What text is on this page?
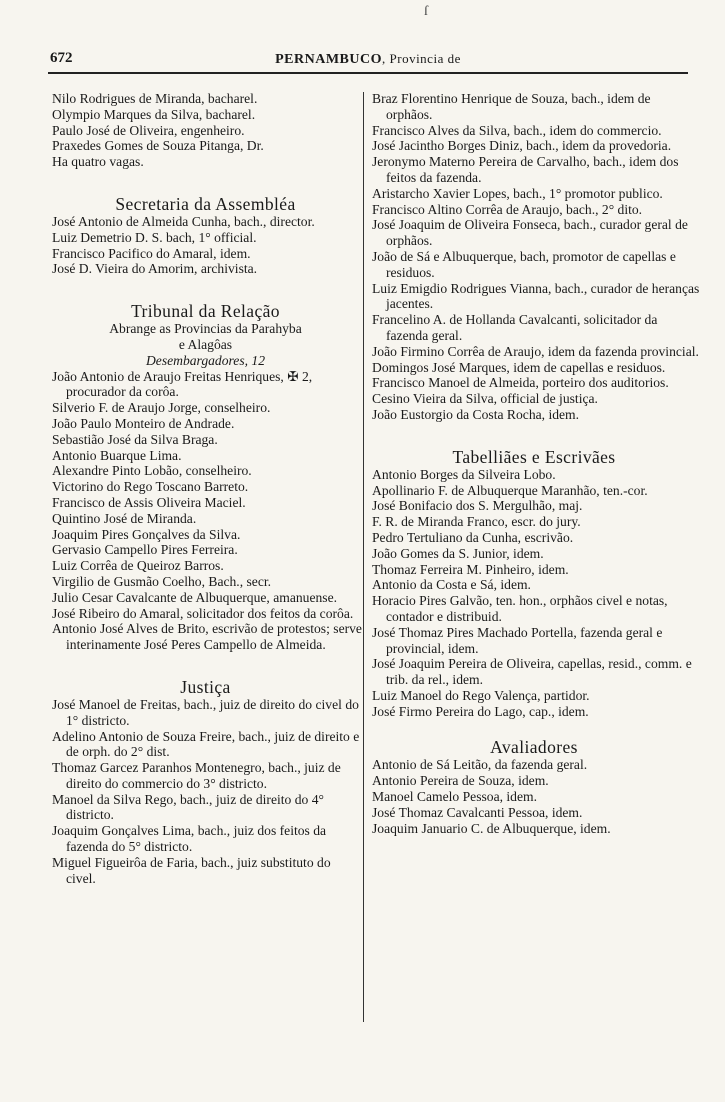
ſ
672	PERNAMBUCO, Provincia de

Nilo Rodrigues de Miranda, bacharel.

Olympio Marques da Silva, bacharel.

Paulo José de Oliveira, engenheiro.

Praxedes Gomes de Souza Pitanga, Dr.

Ha quatro vagas.

Secretaria da Assembléa

José Antonio de Almeida Cunha, bach., director.

Luiz Demetrio D. S. bach, 1° official.

Francisco Pacifico do Amaral, idem.

José D. Vieira do Amorim, archivista.

Tribunal da Relação
Abrange as Provincias da Parahyba
e Alagôas
Desembargadores, 12

João Antonio de Araujo Freitas Henriques, ✠ 2, procurador da corôa.

Silverio F. de Araujo Jorge, conselheiro.

João Paulo Monteiro de Andrade.

Sebastião José da Silva Braga.

Antonio Buarque Lima.

Alexandre Pinto Lobão, conselheiro.

Victorino do Rego Toscano Barreto.

Francisco de Assis Oliveira Maciel.

Quintino José de Miranda.

Joaquim Pires Gonçalves da Silva.

Gervasio Campello Pires Ferreira.

Luiz Corrêa de Queiroz Barros.

Virgilio de Gusmão Coelho, Bach., secr.

Julio Cesar Cavalcante de Albuquerque, amanuense.

José Ribeiro do Amaral, solicitador dos feitos da corôa.

Antonio José Alves de Brito, escrivão de protestos; serve interinamente José Peres Campello de Almeida.

Justiça

José Manoel de Freitas, bach., juiz de direito do civel do 1° districto.

Adelino Antonio de Souza Freire, bach., juiz de direito e de orph. do 2° dist.

Thomaz Garcez Paranhos Montenegro, bach., juiz de direito do commercio do 3° districto.

Manoel da Silva Rego, bach., juiz de direito do 4° districto.

Joaquim Gonçalves Lima, bach., juiz dos feitos da fazenda do 5° districto.

Miguel Figueirôa de Faria, bach., juiz substituto do civel.

Braz Florentino Henrique de Souza, bach., idem de orphãos.

Francisco Alves da Silva, bach., idem do commercio.

José Jacintho Borges Diniz, bach., idem da provedoria.

Jeronymo Materno Pereira de Carvalho, bach., idem dos feitos da fazenda.

Aristarcho Xavier Lopes, bach., 1° promotor publico.

Francisco Altino Corrêa de Araujo, bach., 2° dito.

José Joaquim de Oliveira Fonseca, bach., curador geral de orphãos.

João de Sá e Albuquerque, bach, promotor de capellas e residuos.

Luiz Emigdio Rodrigues Vianna, bach., curador de heranças jacentes.

Francelino A. de Hollanda Cavalcanti, solicitador da fazenda geral.

João Firmino Corrêa de Araujo, idem da fazenda provincial.

Domingos José Marques, idem de capellas e residuos.

Francisco Manoel de Almeida, porteiro dos auditorios.

Cesino Vieira da Silva, official de justiça.

João Eustorgio da Costa Rocha, idem.

Tabelliães e Escrivães

Antonio Borges da Silveira Lobo.

Apollinario F. de Albuquerque Maranhão, ten.-cor.

José Bonifacio dos S. Mergulhão, maj.

F. R. de Miranda Franco, escr. do jury.

Pedro Tertuliano da Cunha, escrivão.

João Gomes da S. Junior, idem.

Thomaz Ferreira M. Pinheiro, idem.

Antonio da Costa e Sá, idem.

Horacio Pires Galvão, ten. hon., orphãos civel e notas, contador e distribuid.

José Thomaz Pires Machado Portella, fazenda geral e provincial, idem.

José Joaquim Pereira de Oliveira, capellas, resid., comm. e trib. da rel., idem.

Luiz Manoel do Rego Valença, partidor.

José Firmo Pereira do Lago, cap., idem.

Avaliadores

Antonio de Sá Leitão, da fazenda geral.

Antonio Pereira de Souza, idem.

Manoel Camelo Pessoa, idem.

José Thomaz Cavalcanti Pessoa, idem.

Joaquim Januario C. de Albuquerque, idem.
